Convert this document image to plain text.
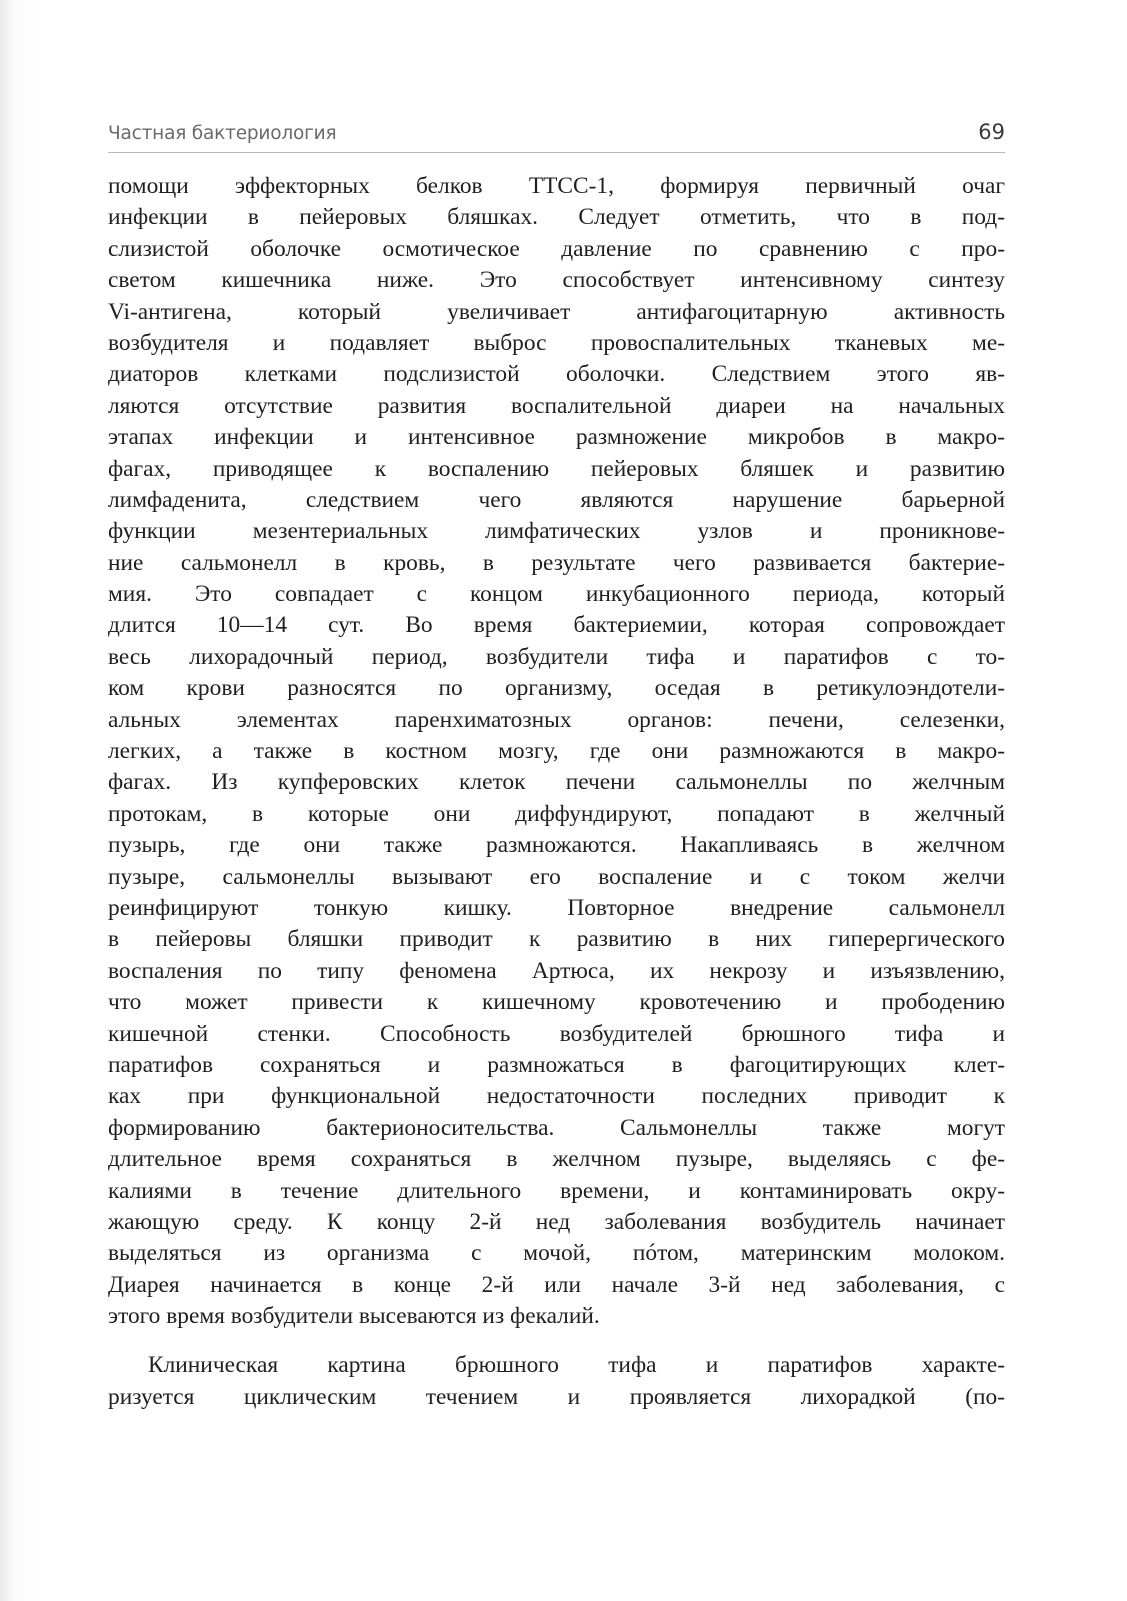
Частная бактериология	69
помощи эффекторных белков ТТСС-1, формируя первичный очаг
инфекции в пейеровых бляшках. Следует отметить, что в под-
слизистой оболочке осмотическое давление по сравнению с про-
светом кишечника ниже. Это способствует интенсивному синтезу
Vi-антигена, который увеличивает антифагоцитарную активность
возбудителя и подавляет выброс провоспалительных тканевых ме-
диаторов клетками подслизистой оболочки. Следствием этого яв-
ляются отсутствие развития воспалительной диареи на начальных
этапах инфекции и интенсивное размножение микробов в макро-
фагах, приводящее к воспалению пейеровых бляшек и развитию
лимфаденита, следствием чего являются нарушение барьерной
функции мезентериальных лимфатических узлов и проникнове-
ние сальмонелл в кровь, в результате чего развивается бактерие-
мия. Это совпадает с концом инкубационного периода, который
длится 10—14 сут. Во время бактериемии, которая сопровождает
весь лихорадочный период, возбудители тифа и паратифов с то-
ком крови разносятся по организму, оседая в ретикулоэндотели-
альных элементах паренхиматозных органов: печени, селезенки,
легких, а также в костном мозгу, где они размножаются в макро-
фагах. Из купферовских клеток печени сальмонеллы по желчным
протокам, в которые они диффундируют, попадают в желчный
пузырь, где они также размножаются. Накапливаясь в желчном
пузыре, сальмонеллы вызывают его воспаление и с током желчи
реинфицируют тонкую кишку. Повторное внедрение сальмонелл
в пейеровы бляшки приводит к развитию в них гиперергического
воспаления по типу феномена Артюса, их некрозу и изъязвлению,
что может привести к кишечному кровотечению и прободению
кишечной стенки. Способность возбудителей брюшного тифа и
паратифов сохраняться и размножаться в фагоцитирующих клет-
ках при функциональной недостаточности последних приводит к
формированию бактерионосительства. Сальмонеллы также могут
длительное время сохраняться в желчном пузыре, выделяясь с фе-
калиями в течение длительного времени, и контаминировать окру-
жающую среду. К концу 2-й нед заболевания возбудитель начинает
выделяться из организма с мочой, пóтом, материнским молоком.
Диарея начинается в конце 2-й или начале 3-й нед заболевания, с
этого время возбудители высеваются из фекалий.
Клиническая картина брюшного тифа и паратифов характе-
ризуется циклическим течением и проявляется лихорадкой (по-
